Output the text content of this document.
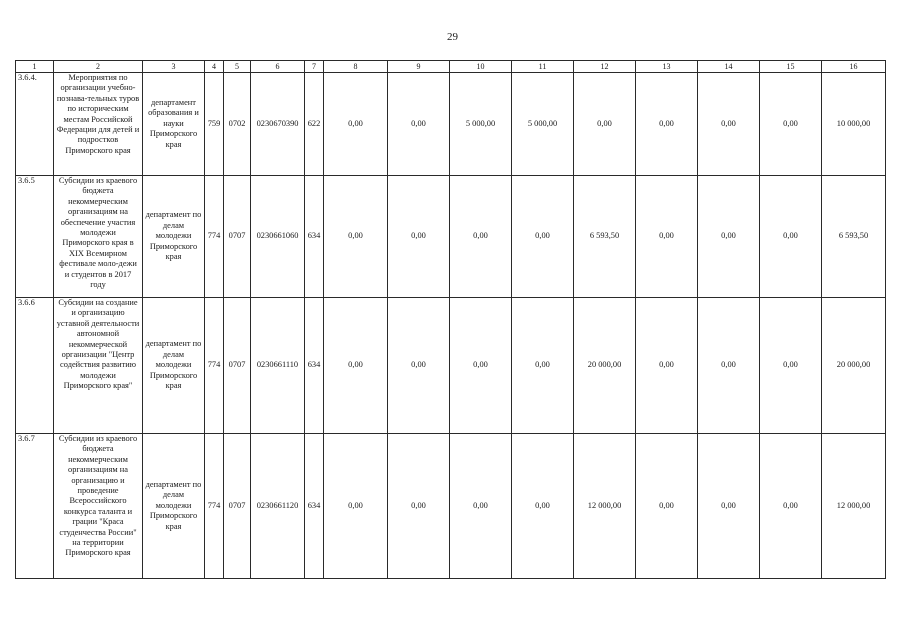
29
1	2	3	4	5	6	7	8	9	10	11	12	13	14	15	16
3.6.4.	Мероприятия по организации учебно-познава-тельных туров по историческим местам Российской Федерации для детей и подростков Приморского края	департамент образования и науки Приморского края	759	0702	0230670390	622	0,00	0,00	5 000,00	5 000,00	0,00	0,00	0,00	0,00	10 000,00
3.6.5	Субсидии из краевого бюджета некоммерческим организациям на обеспечение участия молодежи Приморского края в XIX Всемирном фестивале моло-дежи и студентов в 2017 году	департамент по делам молодежи Приморского края	774	0707	0230661060	634	0,00	0,00	0,00	0,00	6 593,50	0,00	0,00	0,00	6 593,50
3.6.6	Субсидии на создание и организацию уставной деятельности автономной некоммерческой организации "Центр содействия развитию молодежи Приморского края"	департамент по делам молодежи Приморского края	774	0707	0230661110	634	0,00	0,00	0,00	0,00	20 000,00	0,00	0,00	0,00	20 000,00
3.6.7	Субсидии из краевого бюджета некоммерческим организациям на организацию и проведение Всероссийского конкурса таланта и грации "Краса студенчества России" на территории Приморского края	департамент по делам молодежи Приморского края	774	0707	0230661120	634	0,00	0,00	0,00	0,00	12 000,00	0,00	0,00	0,00	12 000,00
